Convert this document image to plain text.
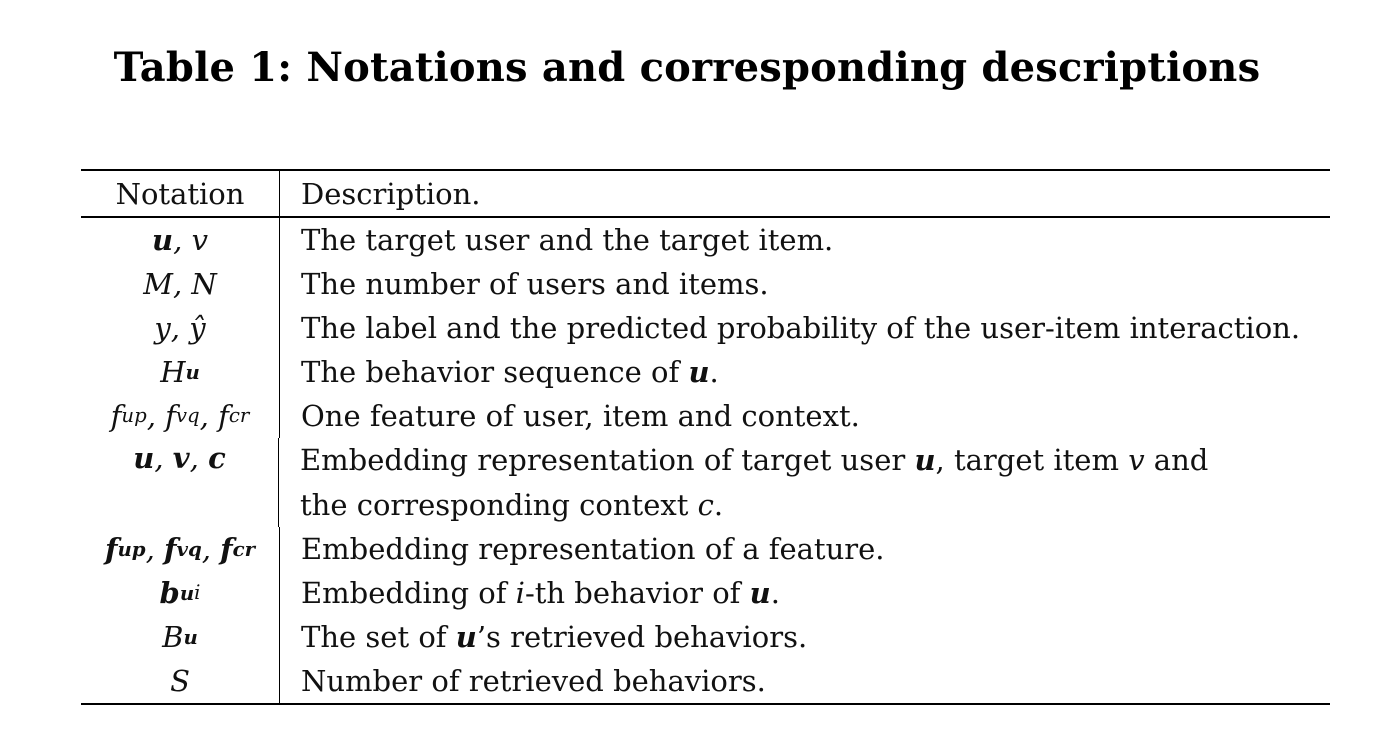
Table 1: Notations and corresponding descriptions
Notation	Description.
u , v	The target user and the target item.
M , N	The number of users and items.
y , ŷ	The label and the predicted probability of the user-item interaction.
H u	The behavior sequence of u.
f u p , f v q , f c r	One feature of user, item and context.
u , v , c	Embedding representation of target user u, target item v and
the corresponding context c.
f u p , f v q , f c r	Embedding representation of a feature.
b u i	Embedding of i-th behavior of u.
B u	The set of u’s retrieved behaviors.
S	Number of retrieved behaviors.
